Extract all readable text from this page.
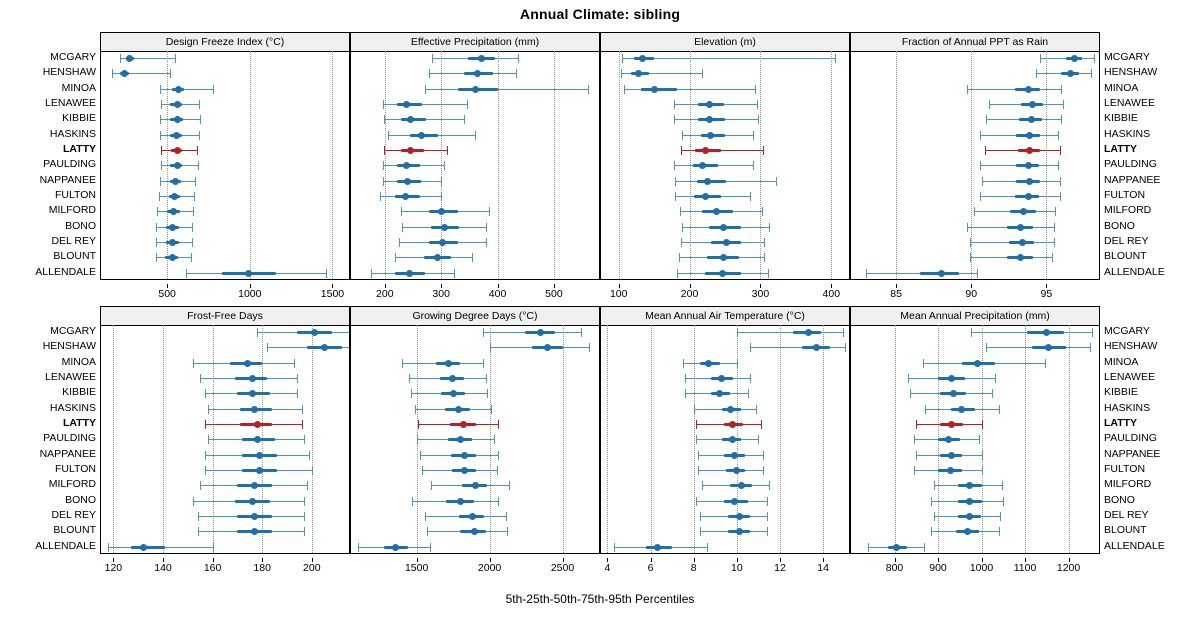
Annual Climate: sibling
5th-25th-50th-75th-95th Percentiles
Design Freeze Index (°C)
500	1000	1500
Effective Precipitation (mm)
200	300	400	500
Elevation (m)
100	200	300	400
Fraction of Annual PPT as Rain
85	90	95
Frost-Free Days
120	140	160	180	200
Growing Degree Days (°C)
1500	2000	2500
Mean Annual Air Temperature (°C)
4	6	8	10	12	14
Mean Annual Precipitation (mm)
800 900 1000 1100 1200
MCGARY
HENSHAW
MINOA
LENAWEE
KIBBIE
HASKINS
LATTY
PAULDING
NAPPANEE
FULTON
MILFORD
BONO
DEL REY
BLOUNT
ALLENDALE
MCGARY
HENSHAW
MINOA
LENAWEE
KIBBIE
HASKINS
LATTY
PAULDING
NAPPANEE
FULTON
MILFORD
BONO
DEL REY
BLOUNT
ALLENDALE
MCGARY
HENSHAW
MINOA
LENAWEE
KIBBIE
HASKINS
LATTY
PAULDING
NAPPANEE
FULTON
MILFORD
BONO
DEL REY
BLOUNT
ALLENDALE
MCGARY
HENSHAW
MINOA
LENAWEE
KIBBIE
HASKINS
LATTY
PAULDING
NAPPANEE
FULTON
MILFORD
BONO
DEL REY
BLOUNT
ALLENDALE
